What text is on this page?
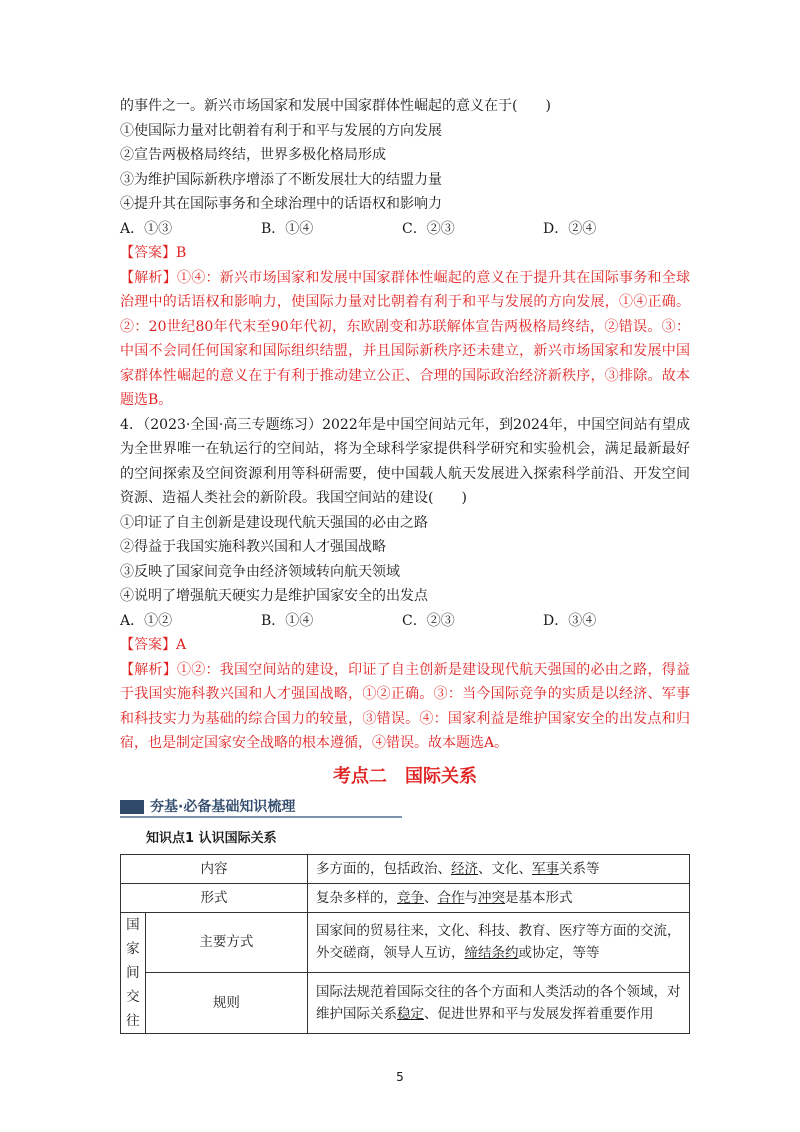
的事件之一。新兴市场国家和发展中国家群体性崛起的意义在于(　　)
①使国际力量对比朝着有利于和平与发展的方向发展
②宣告两极格局终结，世界多极化格局形成
③为维护国际新秩序增添了不断发展壮大的结盟力量
④提升其在国际事务和全球治理中的话语权和影响力
A．①③	B．①④	C．②③	D．②④
【答案】B
【解析】①④：新兴市场国家和发展中国家群体性崛起的意义在于提升其在国际事务和全球治理中的话语权和影响力，使国际力量对比朝着有利于和平与发展的方向发展，①④正确。②：20世纪80年代末至90年代初，东欧剧变和苏联解体宣告两极格局终结，②错误。③：中国不会同任何国家和国际组织结盟，并且国际新秩序还未建立，新兴市场国家和发展中国家群体性崛起的意义在于有利于推动建立公正、合理的国际政治经济新秩序，③排除。故本题选B。
4．（2023·全国·高三专题练习）2022年是中国空间站元年，到2024年，中国空间站有望成为全世界唯一在轨运行的空间站，将为全球科学家提供科学研究和实验机会，满足最新最好的空间探索及空间资源利用等科研需要，使中国载人航天发展进入探索科学前沿、开发空间资源、造福人类社会的新阶段。我国空间站的建设(　　)
①印证了自主创新是建设现代航天强国的必由之路
②得益于我国实施科教兴国和人才强国战略
③反映了国家间竞争由经济领域转向航天领域
④说明了增强航天硬实力是维护国家安全的出发点
A．①②	B．①④	C．②③	D．③④
【答案】A
【解析】①②：我国空间站的建设，印证了自主创新是建设现代航天强国的必由之路，得益于我国实施科教兴国和人才强国战略，①②正确。③：当今国际竞争的实质是以经济、军事和科技实力为基础的综合国力的较量，③错误。④：国家利益是维护国家安全的出发点和归宿，也是制定国家安全战略的根本遵循，④错误。故本题选A。
考点二　国际关系
夯基·必备基础知识梳理
知识点1 认识国际关系
内容		多方面的，包括政治、经济、文化、军事关系等
形式		复杂多样的，竞争、合作与冲突是基本形式

国
家
间
交
往	主要方式	国家间的贸易往来，文化、科技、教育、医疗等方面的交流，外交磋商，领导人互访，缔结条约或协定，等等
	规则	国际法规范着国际交往的各个方面和人类活动的各个领域，对维护国际关系稳定、促进世界和平与发展发挥着重要作用
5
